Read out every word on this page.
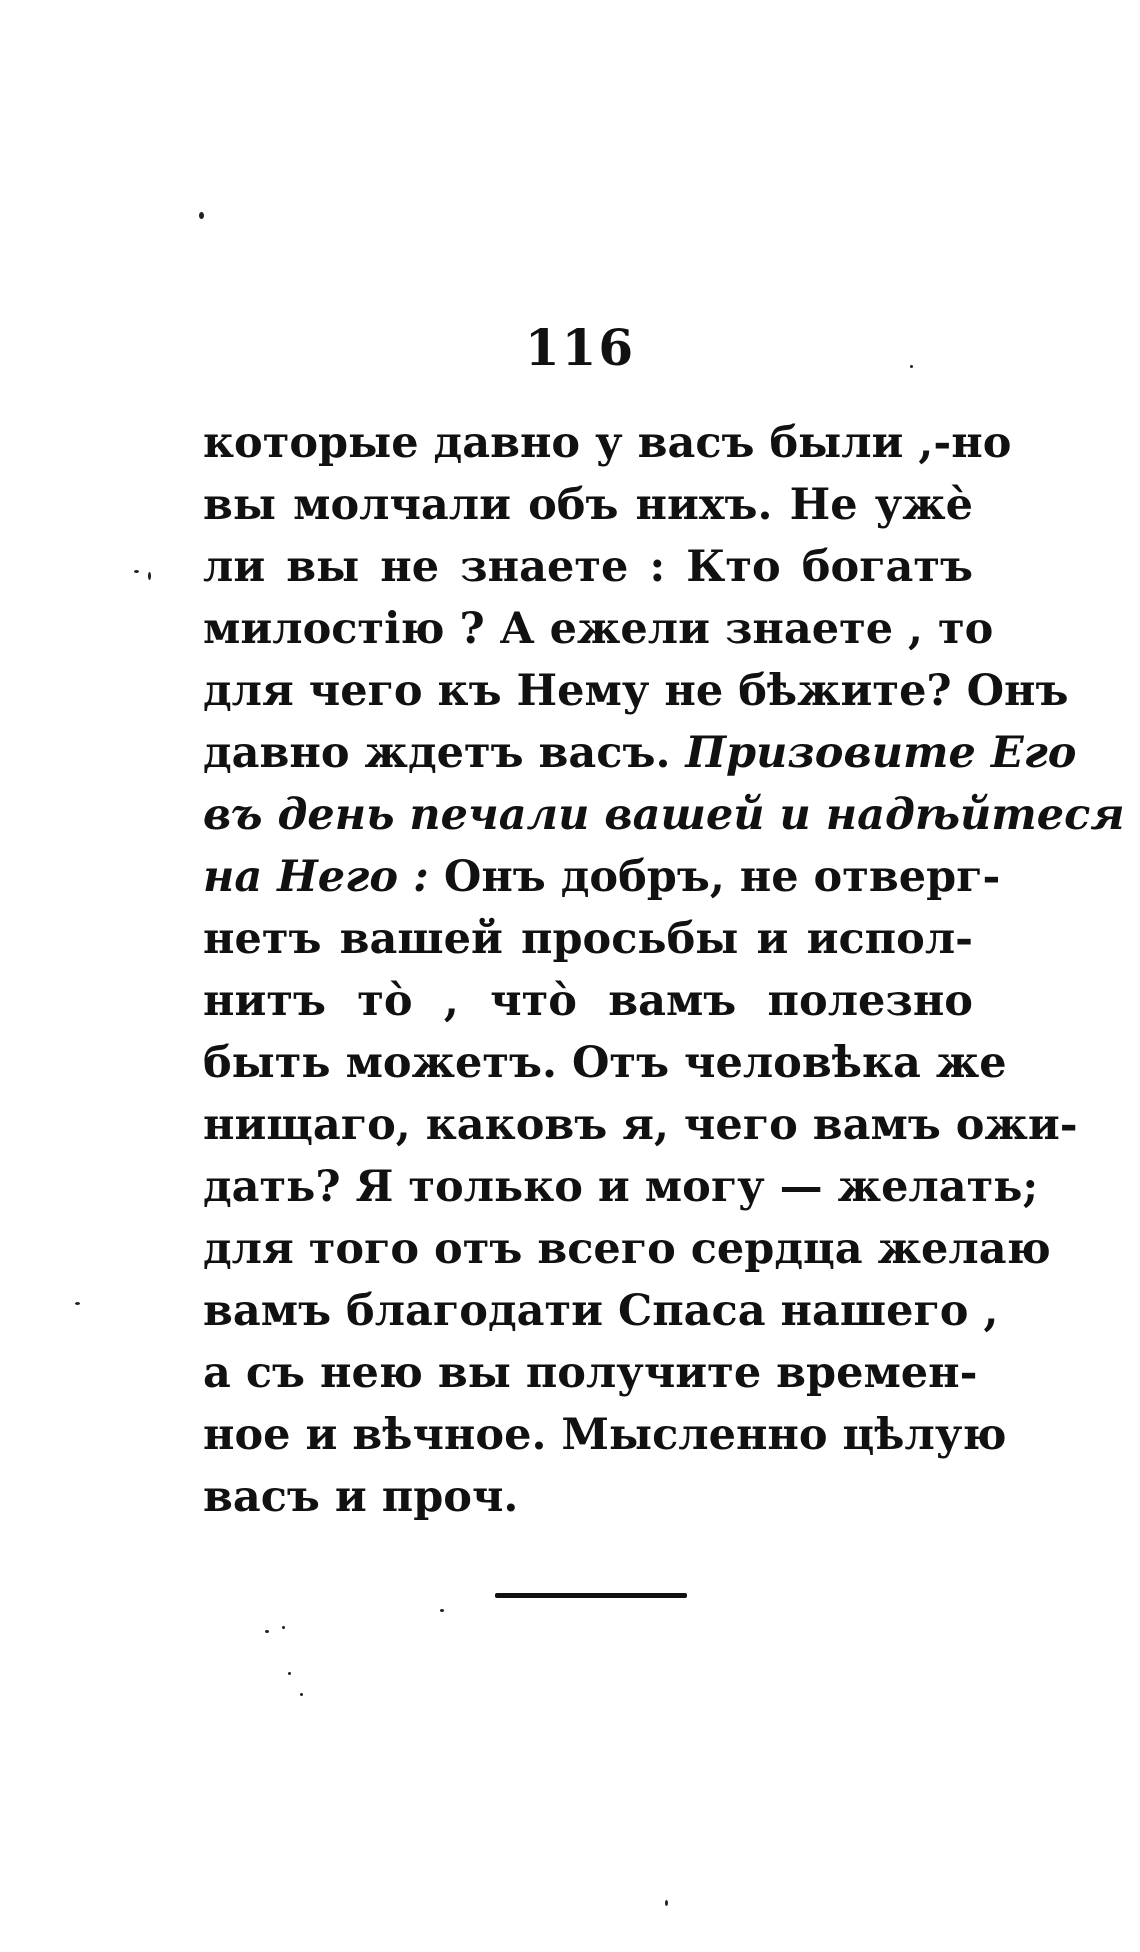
116
которые давно у васъ были ,-но
вы молчали объ нихъ. Не ужè
ли вы не знаете : Кто богатъ
милостію ? А ежели знаете , то
для чего къ Нему не бѣжите? Онъ
давно ждетъ васъ. Призовите Его
въ день печали вашей и надѣйтеся
на Него : Онъ добръ, не отверг-
нетъ вашей просьбы и испол-
нитъ тò , чтò вамъ полезно
быть можетъ. Отъ человѣка же
нищаго, каковъ я, чего вамъ ожи-
дать? Я только и могу — желать;
для того отъ всего сердца желаю
вамъ благодати Спаса нашего ,
а съ нею вы получите времен-
ное и вѣчное. Мысленно цѣлую
васъ и проч.
